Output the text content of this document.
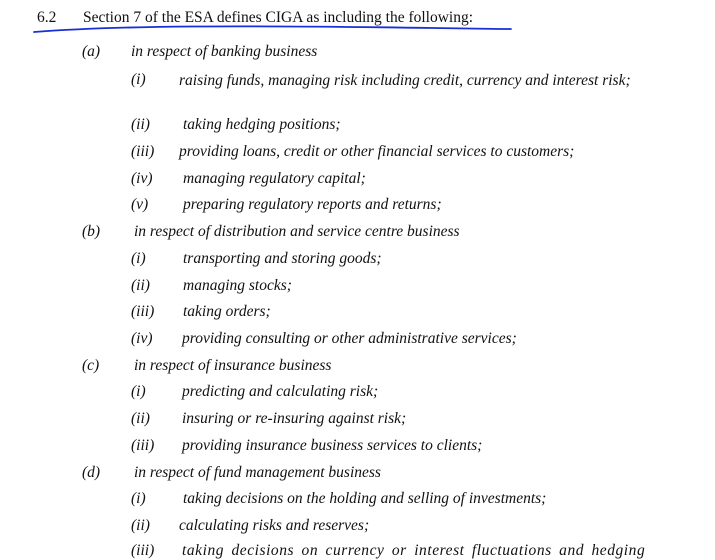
6.2 Section 7 of the ESA defines CIGA as including the following:
(a) in respect of banking business
(i) raising funds, managing risk including credit, currency and interest risk;
(ii) taking hedging positions;
(iii) providing loans, credit or other financial services to customers;
(iv) managing regulatory capital;
(v) preparing regulatory reports and returns;
(b) in respect of distribution and service centre business
(i) transporting and storing goods;
(ii) managing stocks;
(iii) taking orders;
(iv) providing consulting or other administrative services;
(c) in respect of insurance business
(i) predicting and calculating risk;
(ii) insuring or re-insuring against risk;
(iii) providing insurance business services to clients;
(d) in respect of fund management business
(i) taking decisions on the holding and selling of investments;
(ii) calculating risks and reserves;
(iii) taking decisions on currency or interest fluctuations and hedging
